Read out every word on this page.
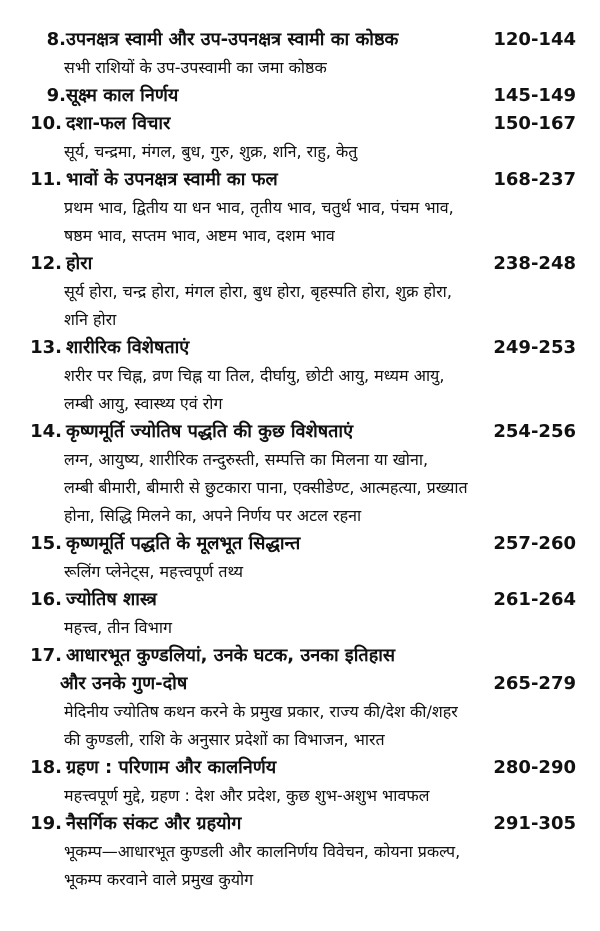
8. उपनक्षत्र स्वामी और उप-उपनक्षत्र स्वामी का कोष्ठक	120-144
सभी राशियों के उप-उपस्वामी का जमा कोष्ठक
9. सूक्ष्म काल निर्णय	145-149
10. दशा-फल विचार	150-167
सूर्य, चन्द्रमा, मंगल, बुध, गुरु, शुक्र, शनि, राहु, केतु
11. भावों के उपनक्षत्र स्वामी का फल	168-237
प्रथम भाव, द्वितीय या धन भाव, तृतीय भाव, चतुर्थ भाव, पंचम भाव,
षष्ठम भाव, सप्तम भाव, अष्टम भाव, दशम भाव
12. होरा	238-248
सूर्य होरा, चन्द्र होरा, मंगल होरा, बुध होरा, बृहस्पति होरा, शुक्र होरा,
शनि होरा
13. शारीरिक विशेषताएं	249-253
शरीर पर चिह्न, व्रण चिह्न या तिल, दीर्घायु, छोटी आयु, मध्यम आयु,
लम्बी आयु, स्वास्थ्य एवं रोग
14. कृष्णमूर्ति ज्योतिष पद्धति की कुछ विशेषताएं	254-256
लग्न, आयुष्य, शारीरिक तन्दुरुस्ती, सम्पत्ति का मिलना या खोना,
लम्बी बीमारी, बीमारी से छुटकारा पाना, एक्सीडेण्ट, आत्महत्या, प्रख्यात
होना, सिद्धि मिलने का, अपने निर्णय पर अटल रहना
15. कृष्णमूर्ति पद्धति के मूलभूत सिद्धान्त	257-260
रूलिंग प्लेनेट्स, महत्त्वपूर्ण तथ्य
16. ज्योतिष शास्त्र	261-264
महत्त्व, तीन विभाग
17. आधारभूत कुण्डलियां, उनके घटक, उनका इतिहास
और उनके गुण-दोष	265-279
मेदिनीय ज्योतिष कथन करने के प्रमुख प्रकार, राज्य की/देश की/शहर
की कुण्डली, राशि के अनुसार प्रदेशों का विभाजन, भारत
18. ग्रहण : परिणाम और कालनिर्णय	280-290
महत्त्वपूर्ण मुद्दे, ग्रहण : देश और प्रदेश, कुछ शुभ-अशुभ भावफल
19. नैसर्गिक संकट और ग्रहयोग	291-305
भूकम्प—आधारभूत कुण्डली और कालनिर्णय विवेचन, कोयना प्रकल्प,
भूकम्प करवाने वाले प्रमुख कुयोग
